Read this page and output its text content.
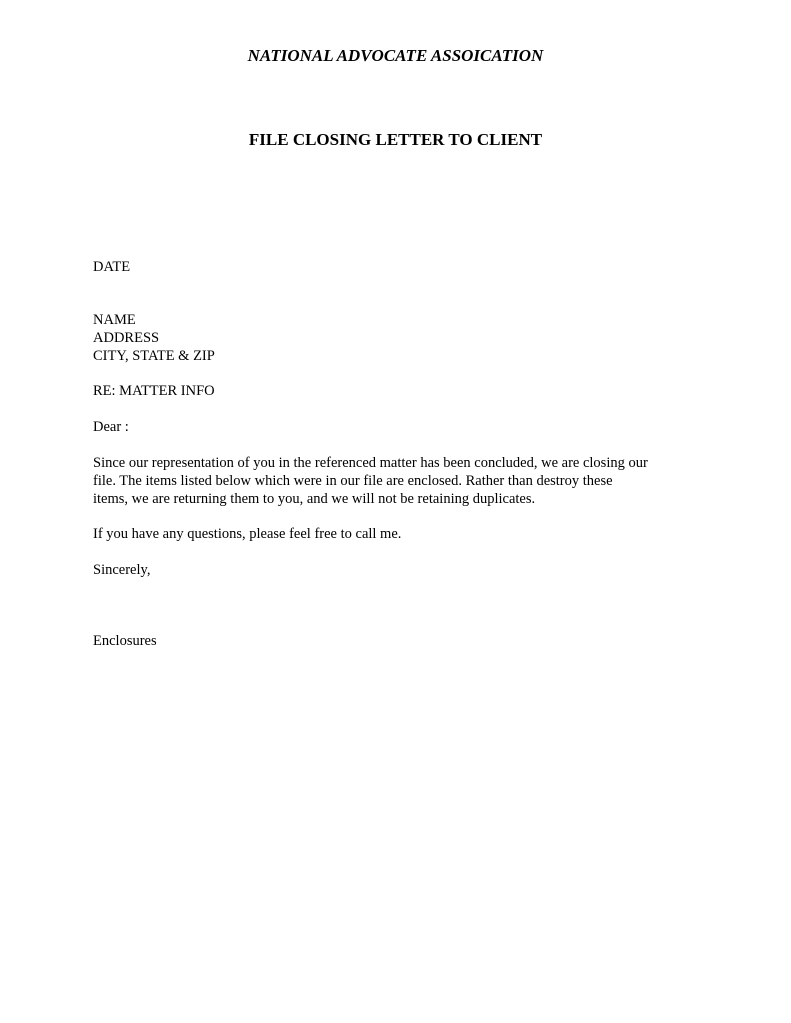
NATIONAL ADVOCATE ASSOICATION
FILE CLOSING LETTER TO CLIENT
DATE
NAME
ADDRESS
CITY, STATE & ZIP
RE: MATTER INFO
Dear :
Since our representation of you in the referenced matter has been concluded, we are closing our
file. The items listed below which were in our file are enclosed. Rather than destroy these
items, we are returning them to you, and we will not be retaining duplicates.
If you have any questions, please feel free to call me.
Sincerely,
Enclosures
